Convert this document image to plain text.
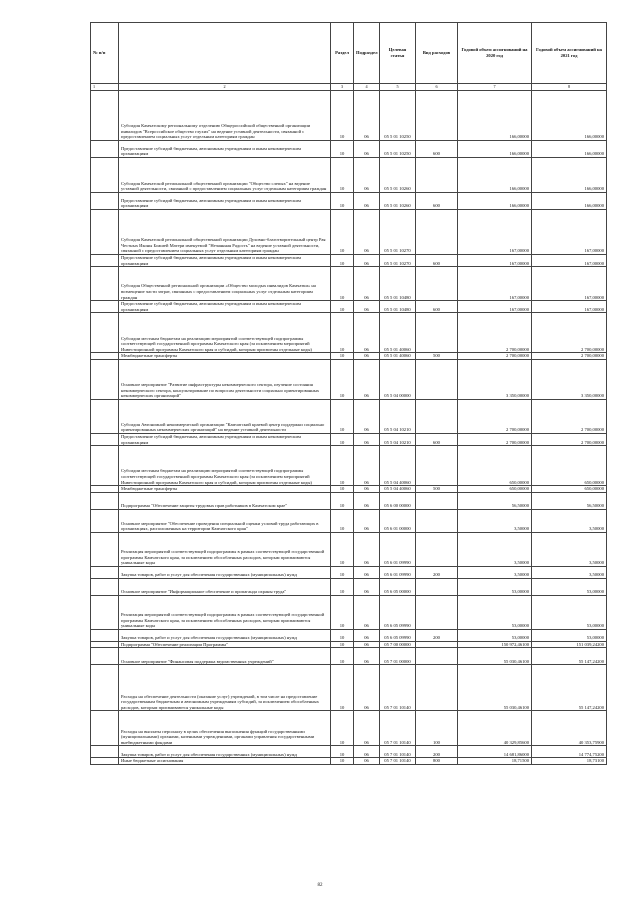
№ п/п		Раздел	Подраздел	Целевая статья	Вид расходов	Годовой объем ассигнований на 2020 год	Годовой объем ассигнований на 2021 год
1	2	3	4	5	6	7	8
	Субсидия Камчатскому региональному отделению Общероссийской общественной организации инвалидов "Всероссийское общество глухих" на ведение уставной деятельности, связанной с предоставлением социальных услуг отдельным категориям граждан	10	06	05 5 01 10250		166,00000	166,00000
	Предоставление субсидий бюджетным, автономным учреждениям и иным некоммерческим организациям	10	06	05 5 01 10250	600	166,00000	166,00000
	Субсидия Камчатской региональной общественной организации "Общество слепых" на ведение уставной деятельности, связанной с предоставлением социальных услуг отдельным категориям граждан	10	06	05 5 01 10260		166,00000	166,00000
	Предоставление субсидий бюджетным, автономным учреждениям и иным некоммерческим организациям	10	06	05 5 01 10260	600	166,00000	166,00000
	Субсидия Камчатской региональной общественной организации Духовно-благотворительный центр Рая Честных Иконы Божией Матери именуемой "Нечаянная Радость" на ведение уставной деятельности, связанной с предоставлением социальных услуг отдельным категориям граждан	10	06	05 5 01 10270		167,00000	167,00000
	Предоставление субсидий бюджетным, автономным учреждениям и иным некоммерческим организациям	10	06	05 5 01 10270	600	167,00000	167,00000
	Субсидия Общественной региональной организации «Общество молодых инвалидов Камчатки» на возмещение части затрат, связанных с предоставлением социальных услуг отдельным категориям граждан	10	06	05 5 01 10480		167,00000	167,00000
	Предоставление субсидий бюджетным, автономным учреждениям и иным некоммерческим организациям	10	06	05 5 01 10480	600	167,00000	167,00000
	Субсидии местным бюджетам на реализацию мероприятий соответствующей подпрограммы соответствующей государственной программы Камчатского края (за исключением мероприятий Инвестиционной программы Камчатского края и субсидий, которым присвоены отдельные коды)	10	06	05 5 01 40060		2 700,00000	2 700,00000
	Межбюджетные трансферты	10	06	05 5 01 40060	500	2 700,00000	2 700,00000
	Основное мероприятие "Развитие инфраструктуры некоммерческого сектора, изучение состояния некоммерческого сектора, консультирование по вопросам деятельности социально ориентированных некоммерческих организаций"	10	06	05 5 04 00000		3 350,00000	3 350,00000
	Субсидия Автономной некоммерческой организации "Камчатский краевой центр поддержки социально ориентированных некоммерческих организаций" на ведение уставной деятельности	10	06	05 5 04 10210		2 700,00000	2 700,00000
	Предоставление субсидий бюджетным, автономным учреждениям и иным некоммерческим организациям	10	06	05 5 04 10210	600	2 700,00000	2 700,00000
	Субсидии местным бюджетам на реализацию мероприятий соответствующей подпрограммы соответствующей государственной программы Камчатского края (за исключением мероприятий Инвестиционной программы Камчатского края и субсидий, которым присвоены отдельные коды)	10	06	05 5 04 40060		650,00000	650,00000
	Межбюджетные трансферты	10	06	05 5 04 40060	500	650,00000	650,00000
	Подпрограмма "Обеспечение защиты трудовых прав работников в Камчатском крае"	10	06	05 6 00 00000		56,50000	56,50000
	Основное мероприятие "Обеспечение проведения специальной оценки условий труда работающих в организациях, расположенных на территории Камчатского края"	10	06	05 6 01 00000		3,50000	3,50000
	Реализация мероприятий соответствующей подпрограммы в рамках соответствующей государственной программы Камчатского края, за исключением обособленных расходов, которым присваиваются уникальные коды	10	06	05 6 01 09990		3,50000	3,50000
	Закупка товаров, работ и услуг для обеспечения государственных (муниципальных) нужд	10	06	05 6 01 09990	200	3,50000	3,50000
	Основное мероприятие "Информационное обеспечение и пропаганда охраны труда"	10	06	05 6 05 00000		53,00000	53,00000
	Реализация мероприятий соответствующей подпрограммы в рамках соответствующей государственной программы Камчатского края, за исключением обособленных расходов, которым присваиваются уникальные коды	10	06	05 6 05 09990		53,00000	53,00000
	Закупка товаров, работ и услуг для обеспечения государственных (муниципальных) нужд	10	06	05 6 05 09990	200	53,00000	53,00000
	Подпрограмма "Обеспечение реализации Программы"	10	06	05 7 00 00000		150 972,46100	151 039,24200
	Основное мероприятие "Финансовая поддержка ведомственных учреждений"	10	06	05 7 01 00000		55 030,46100	55 147,24200
	Расходы на обеспечение деятельности (оказание услуг) учреждений, в том числе на предоставление государственным бюджетным и автономным учреждениям субсидий, за исключением обособленных расходов, которым присваиваются уникальные коды	10	06	05 7 01 10140		55 030,46100	55 147,24200
	Расходы на выплаты персоналу в целях обеспечения выполнения функций государственными (муниципальными) органами, казенными учреждениями, органами управления государственными внебюджетными фондами	10	06	05 7 01 10140	100	40 329,85600	40 353,75900
	Закупка товаров, работ и услуг для обеспечения государственных (муниципальных) нужд	10	06	05 7 01 10140	200	14 681,86000	14 774,75200
	Иные бюджетные ассигнования	10	06	05 7 01 10140	800	18,71500	18,73100
82
